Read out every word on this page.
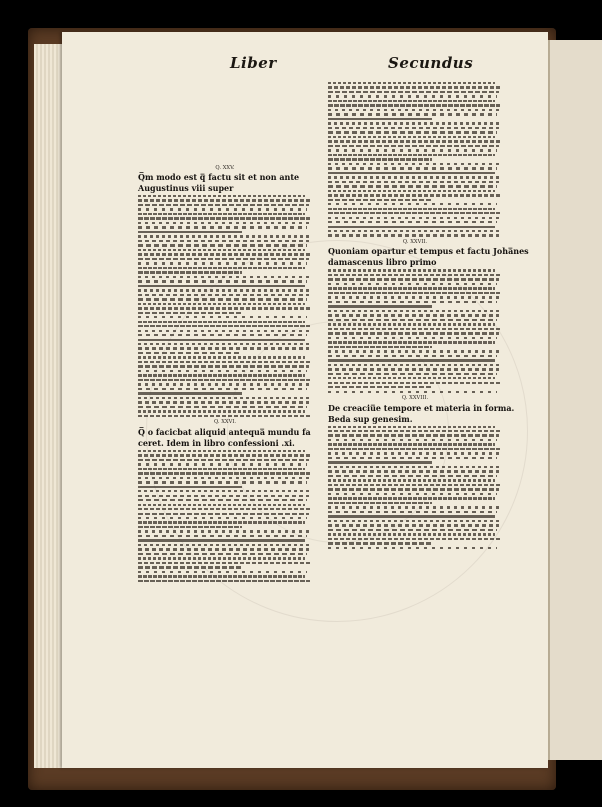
Liber	Secundus

Q. XXV.
Q̅m modo est q̅ factu sit et non ante
Augustinus viii super
Q. XXVI.
Q̅ o facicbat aliquid antequa̅ mundu fa
ceret. Idem in libro confessioni .xi.
Q. XXVII.
Quoniam opartur et tempus et factu Joha̅nes
damascenus libro primo
Q. XXVIII.
De creaciu̅e tempore et materia in forma.
Beda sup genesim.
